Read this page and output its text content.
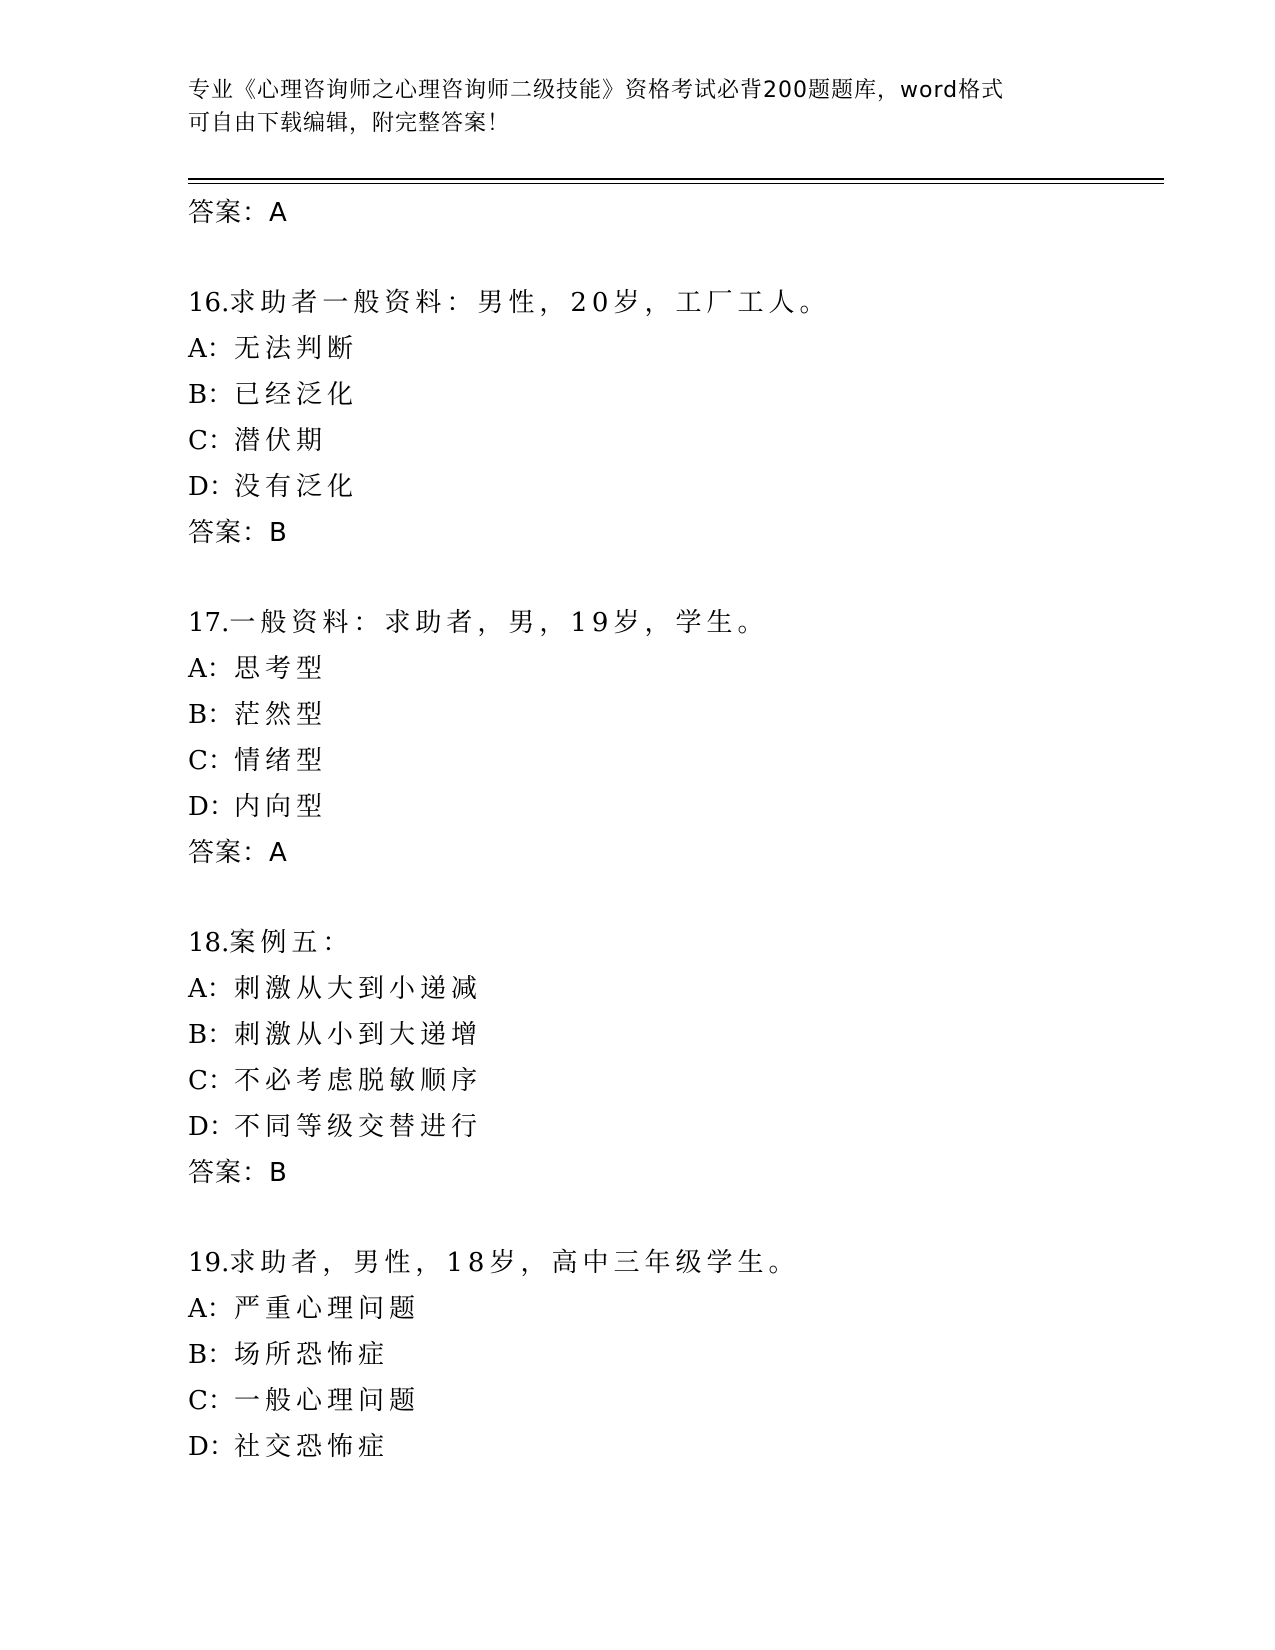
专业《心理咨询师之心理咨询师二级技能》资格考试必背200题题库，word格式
可自由下载编辑，附完整答案！
答案：A
16.求助者一般资料：男性，20岁，工厂工人。
A：无法判断
B：已经泛化
C：潜伏期
D：没有泛化
答案：B
17.一般资料：求助者，男，19岁，学生。
A：思考型
B：茫然型
C：情绪型
D：内向型
答案：A
18.案例五：
A：刺激从大到小递减
B：刺激从小到大递增
C：不必考虑脱敏顺序
D：不同等级交替进行
答案：B
19.求助者，男性，18岁，高中三年级学生。
A：严重心理问题
B：场所恐怖症
C：一般心理问题
D：社交恐怖症
